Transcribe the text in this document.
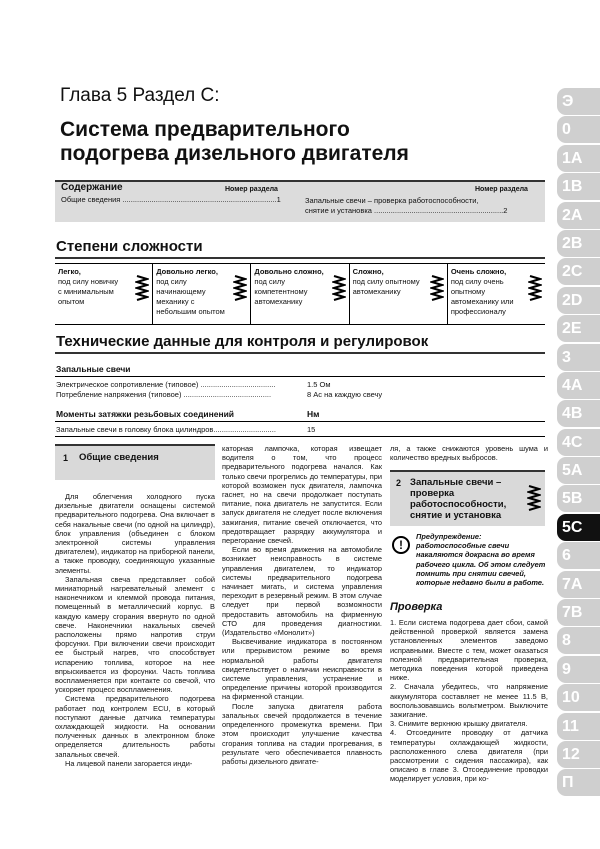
Глава 5 Раздел C:
Система предварительного
подогрева дизельного двигателя
Содержание
Общие сведения ..........................................................................1
Номер раздела	Номер раздела
Запальные свечи – проверка работоспособности,
снятие и установка ..............................................................2
Степени сложности
Легко,
под силу новичку с минимальным опытом
Довольно легко,
под силу начинающему механику с небольшим опытом
Довольно сложно,
под силу компетентному автомеханику
Сложно,
под силу опытному автомеханику
Очень сложно,
под силу очень опытному автомеханику или профессионалу
Технические данные для контроля и регулировок
Запальные свечи
Электрическое сопротивление (типовое) ....................................	1.5 Ом
Потребление напряжения (типовое) ..........................................	8 Ас на каждую свечу
Моменты затяжки резьбовых соединений	Нм
Запальные свечи в головку блока цилиндров..............................	15
Э
0
1A
1B
2A
2B
2C
2D
2E
3
4A
4B
4C
5A
5B
5C
6
7A
7B
8
9
10
11
12
П
1 Общие сведения

Для облегчения холодного пуска дизельные двигатели оснащены системой предварительного подогрева. Она включает в себя накальные свечи (по одной на цилиндр), блок управления (объединен с блоком электронной системы управления двигателем), индикатор на приборной панели, а также проводку, соединяющую указанные элементы.

Запальная свеча представляет собой миниатюрный нагревательный элемент с наконечником и клеммой провода питания, помещенный в металлический корпус. В каждую камеру сгорания ввернуто по одной свече. Наконечники накальных свечей расположены прямо напротив струи форсунки. При включении свечи происходит ее быстрый нагрев, что способствует испарению топлива, которое на нее впрыскивается из форсунки. Часть топлива воспламеняется при контакте со свечой, что ускоряет процесс воспламенения.

Система предварительного подогрева работает под контролем ECU, в который поступают данные датчика температуры охлаждающей жидкости. На основании полученных данных в электронном блоке определяется длительность работы запальных свечей.

На лицевой панели загорается инди-

каторная лампочка, которая извещает водителя о том, что процесс предварительного подогрева начался. Как только свечи прогрелись до температуры, при которой возможен пуск двигателя, лампочка гаснет, но на свечи продолжает поступать питание, пока двигатель не запустится. Если запуск двигателя не следует после включения зажигания, питание свечей отключается, что предотвращает разрядку аккумулятора и перегорание свечей.

Если во время движения на автомобиле возникает неисправность в системе управления двигателем, то индикатор системы предварительного подогрева начинает мигать, и система управления переходит в резервный режим. В этом случае следует при первой возможности предоставить автомобиль на фирменную СТО для проведения диагностики. (Издательство «Монолит»)

Высвечивание индикатора в постоянном или прерывистом режиме во время нормальной работы двигателя свидетельствует о наличии неисправности в системе управления, устранение и определение причины которой производится на фирменной станции.

После запуска двигателя работа запальных свечей продолжается в течение определенного промежутка времени. При этом происходит улучшение качества сгорания топлива на стадии прогревания, в результате чего обеспечивается плавность работы дизельного двигате-

ля, а также снижаются уровень шума и количество вредных выбросов.
2 Запальные свечи – проверка работоспособности, снятие и установка
!
Предупреждение: работоспособные свечи накаляются докрасна во время рабочего цикла. Об этом следует помнить при снятии свечей, которые недавно были в работе.
Проверка

1. Если система подогрева дает сбои, самой действенной проверкой является замена установленных элементов заведомо исправными. Вместе с тем, может оказаться полезной предварительная проверка, методика поведения которой приведена ниже.

2. Сначала убедитесь, что напряжение аккумулятора составляет не менее 11.5 В, воспользовавшись вольтметром. Выключите зажигание.

3. Снимите верхнюю крышку двигателя.

4. Отсоедините проводку от датчика температуры охлаждающей жидкости, расположенного слева двигателя (при рассмотрении с сидения пассажира), как описано в главе 3. Отсоединение проводки моделирует условия, при ко-
